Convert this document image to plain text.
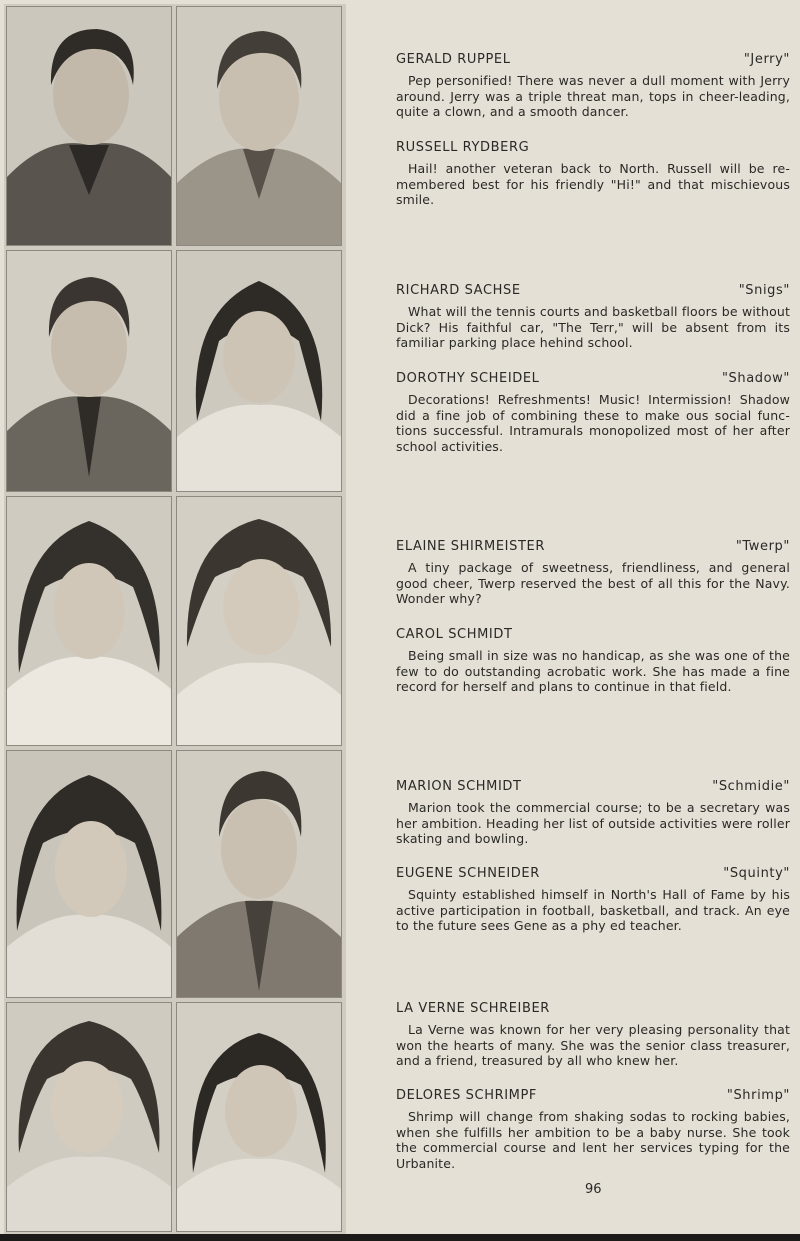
GERALD RUPPEL	"Jerry"
Pep personified! There was never a dull moment with Jerry around. Jerry was a triple threat man, tops in cheer-leading, quite a clown, and a smooth dancer.
RUSSELL RYDBERG
Hail! another veteran back to North. Russell will be re-membered best for his friendly "Hi!" and that mischievous smile.
RICHARD SACHSE	"Snigs"
What will the tennis courts and basketball floors be without Dick? His faithful car, "The Terr," will be absent from its familiar parking place hehind school.
DOROTHY SCHEIDEL	"Shadow"
Decorations! Refreshments! Music! Intermission! Shadow did a fine job of combining these to make ous social func-tions successful. Intramurals monopolized most of her after school activities.
ELAINE SHIRMEISTER	"Twerp"
A tiny package of sweetness, friendliness, and general good cheer, Twerp reserved the best of all this for the Navy. Wonder why?
CAROL SCHMIDT
Being small in size was no handicap, as she was one of the few to do outstanding acrobatic work. She has made a fine record for herself and plans to continue in that field.
MARION SCHMIDT	"Schmidie"
Marion took the commercial course; to be a secretary was her ambition. Heading her list of outside activities were roller skating and bowling.
EUGENE SCHNEIDER	"Squinty"
Squinty established himself in North's Hall of Fame by his active participation in football, basketball, and track. An eye to the future sees Gene as a phy ed teacher.
LA VERNE SCHREIBER
La Verne was known for her very pleasing personality that won the hearts of many. She was the senior class treasurer, and a friend, treasured by all who knew her.
DELORES SCHRIMPF	"Shrimp"
Shrimp will change from shaking sodas to rocking babies, when she fulfills her ambition to be a baby nurse. She took the commercial course and lent her services typing for the Urbanite.
96
